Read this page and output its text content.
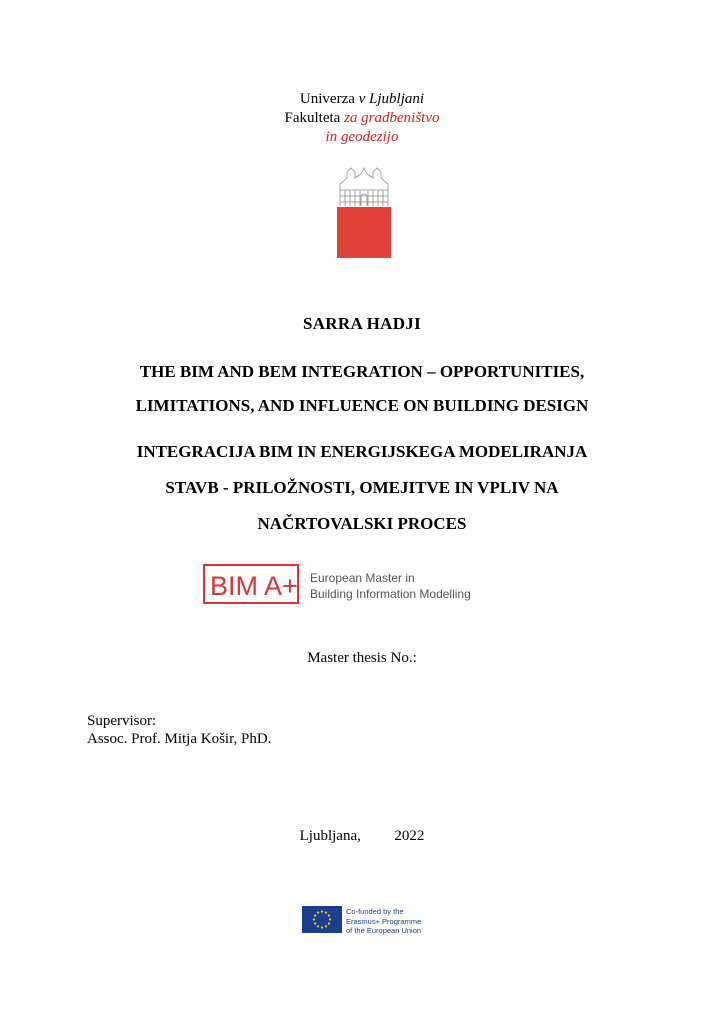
Univerza v Ljubljani
Fakulteta za gradbeništvo
in geodezijo
SARRA HADJI
THE BIM AND BEM INTEGRATION – OPPORTUNITIES,
LIMITATIONS, AND INFLUENCE ON BUILDING DESIGN
INTEGRACIJA BIM IN ENERGIJSKEGA MODELIRANJA
STAVB - PRILOŽNOSTI, OMEJITVE IN VPLIV NA
NAČRTOVALSKI PROCES
BIM A+ European Master in
Building Information Modelling
Master thesis No.:
Supervisor:
Assoc. Prof. Mitja Košir, PhD.
Ljubljana, 2022
Co-funded by the
Erasmus+ Programme
of the European Union
